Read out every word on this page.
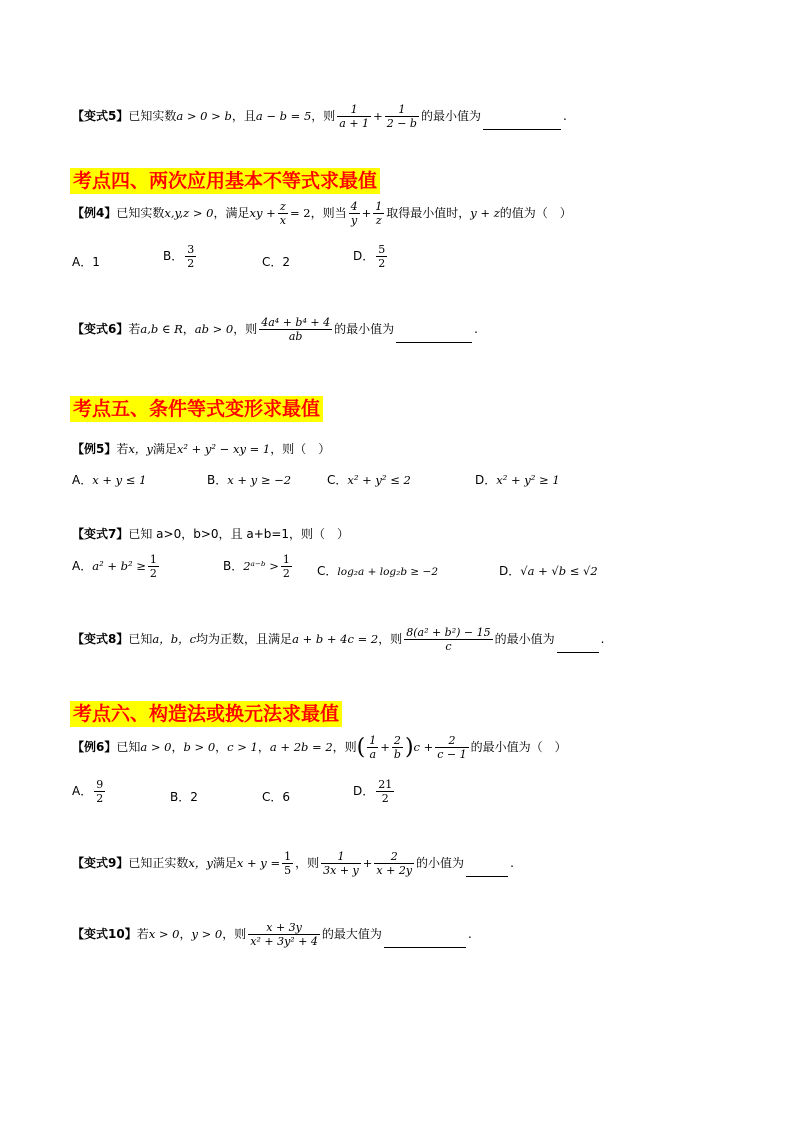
【变式5】已知实数a > 0 > b，且a − b = 5，则 $\frac{1}{a + 1} + \frac{1}{2 - b}$ 的最小值为	.
考点四、两次应用基本不等式求最值
【例4】已知实数x,y,z > 0，满足xy + $\frac{z}{x} = 2$，则当 $\frac{4}{y} + \frac{1}{z}$ 取得最小值时，y + z的值为（　）
A．1	B． $\frac{3}{2}$	C．2	D． $\frac{5}{2}$
【变式6】若a,b ∈ R，ab > 0，则 $\frac{\text{4a⁴ + b⁴ + 4}}{ab}$ 的最小值为	.
考点五、条件等式变形求最值
【例5】若x，y满足x² + y² − xy = 1，则（　）
A．x + y ≤ 1	B．x + y ≥ −2	C．x² + y² ≤ 2	D．x² + y² ≥ 1
【变式7】已知 a>0，b>0，且 a+b=1，则（　）
A．$a^2 + b^2 \ge \frac{1}{2}$	B．2ᵃ⁻ᵇ > $\frac{1}{2}$ C．log₂a + log₂b ≥ −2	D．√a + √b ≤ √2
【变式8】已知a，b，c均为正数，且满足a + b + 4c = 2，则 $\frac{\text{8(a² + b²) − 15}}{c}$ 的最小值为	.
考点六、构造法或换元法求最值
【例6】已知a > 0，b > 0，c > 1，a + 2b = 2，则( $\frac{1}{a} + \frac{2}{b} )c + \frac{2}{c - 1}$ 的最小值为（　）
A． $\frac{9}{2}$	B．2	C．6	D． $\frac{21}{2}$
【变式9】已知正实数x，y满足$x + y = \frac{1}{5}$ ，则 $\frac{1}{3x + y} + \frac{2}{x + 2y}$ 的小值为	.
【变式10】若x > 0，y > 0，则 $\frac{x + 3y}{\text{x² + 3y² + 4}}$ 的最大值为	.
